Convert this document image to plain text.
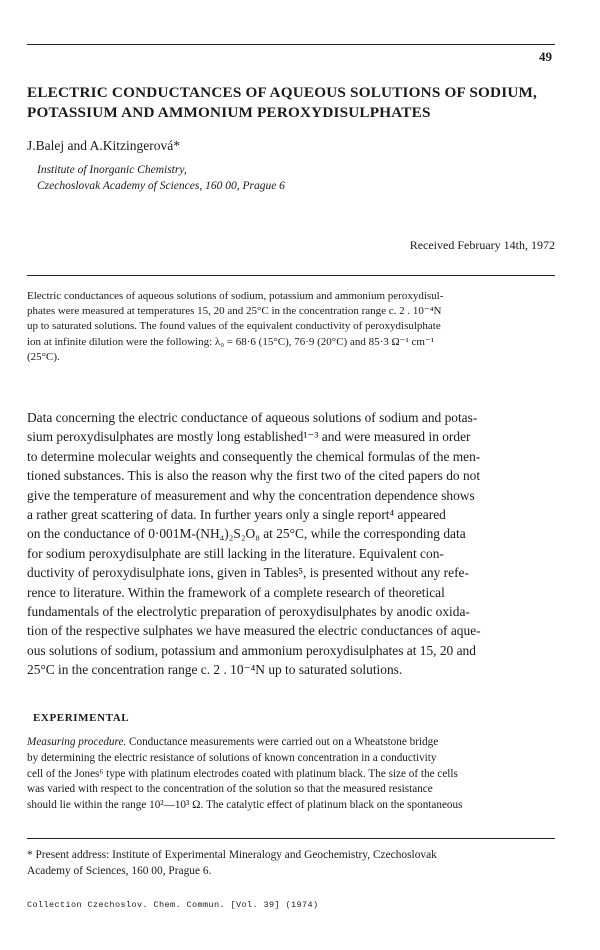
49
ELECTRIC CONDUCTANCES OF AQUEOUS SOLUTIONS OF SODIUM,
POTASSIUM AND AMMONIUM PEROXYDISULPHATES
J.Balej and A.Kitzingerová*
Institute of Inorganic Chemistry,
Czechoslovak Academy of Sciences, 160 00, Prague 6
Received February 14th, 1972
Electric conductances of aqueous solutions of sodium, potassium and ammonium peroxydisul-
phates were measured at temperatures 15, 20 and 25°C in the concentration range c. 2 . 10⁻⁴N
up to saturated solutions. The found values of the equivalent conductivity of peroxydisulphate
ion at infinite dilution were the following: λ₀ = 68·6 (15°C), 76·9 (20°C) and 85·3 Ω⁻¹ cm⁻¹
(25°C).
Data concerning the electric conductance of aqueous solutions of sodium and potas-
sium peroxydisulphates are mostly long established¹⁻³ and were measured in order
to determine molecular weights and consequently the chemical formulas of the men-
tioned substances. This is also the reason why the first two of the cited papers do not
give the temperature of measurement and why the concentration dependence shows
a rather great scattering of data. In further years only a single report⁴ appeared
on the conductance of 0·001M-(NH₄)₂S₂O₈ at 25°C, while the corresponding data
for sodium peroxydisulphate are still lacking in the literature. Equivalent con-
ductivity of peroxydisulphate ions, given in Tables⁵, is presented without any refe-
rence to literature. Within the framework of a complete research of theoretical
fundamentals of the electrolytic preparation of peroxydisulphates by anodic oxida-
tion of the respective sulphates we have measured the electric conductances of aque-
ous solutions of sodium, potassium and ammonium peroxydisulphates at 15, 20 and
25°C in the concentration range c. 2 . 10⁻⁴N up to saturated solutions.
EXPERIMENTAL
Measuring procedure. Conductance measurements were carried out on a Wheatstone bridge
by determining the electric resistance of solutions of known concentration in a conductivity
cell of the Jones⁶ type with platinum electrodes coated with platinum black. The size of the cells
was varied with respect to the concentration of the solution so that the measured resistance
should lie within the range 10²—10³ Ω. The catalytic effect of platinum black on the spontaneous
* Present address: Institute of Experimental Mineralogy and Geochemistry, Czechoslovak
Academy of Sciences, 160 00, Prague 6.
Collection Czechoslov. Chem. Commun. [Vol. 39] (1974)
